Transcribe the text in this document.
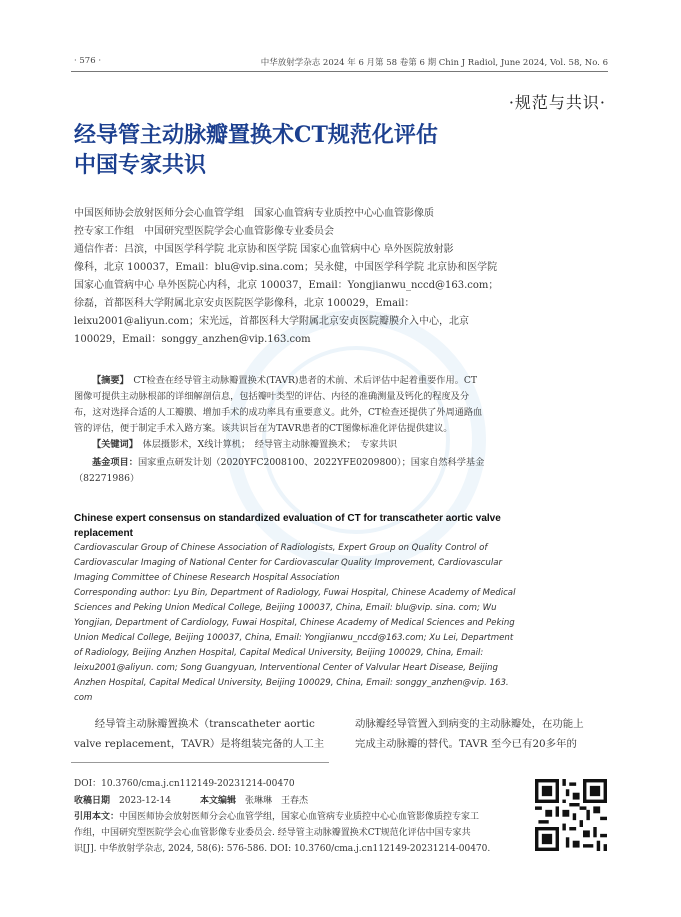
· 576 ·	中华放射学杂志 2024 年 6 月第 58 卷第 6 期 Chin J Radiol, June 2024, Vol. 58, No. 6
·规范与共识·
经导管主动脉瓣置换术CT规范化评估
中国专家共识
中国医师协会放射医师分会心血管学组　国家心血管病专业质控中心心血管影像质
控专家工作组　中国研究型医院学会心血管影像专业委员会
通信作者：吕滨，中国医学科学院 北京协和医学院 国家心血管病中心 阜外医院放射影
像科，北京 100037，Email：blu@vip.sina.com；吴永健，中国医学科学院 北京协和医学院
国家心血管病中心 阜外医院心内科，北京 100037，Email：Yongjianwu_nccd@163.com；
徐磊，首都医科大学附属北京安贞医院医学影像科，北京 100029，Email：
leixu2001@aliyun.com；宋光远，首都医科大学附属北京安贞医院瓣膜介入中心，北京
100029，Email：songgy_anzhen@vip.163.com
【摘要】　CT检查在经导管主动脉瓣置换术(TAVR)患者的术前、术后评估中起着重要作用。CT
图像可提供主动脉根部的详细解剖信息，包括瓣叶类型的评估、内径的准确测量及钙化的程度及分
布，这对选择合适的人工瓣膜、增加手术的成功率具有重要意义。此外，CT检查还提供了外周通路血
管的评估，便于制定手术入路方案。该共识旨在为TAVR患者的CT图像标准化评估提供建议。
【关键词】　体层摄影术，X线计算机；　经导管主动脉瓣置换术；　专家共识
基金项目：国家重点研发计划（2020YFC2008100、2022YFE0209800）；国家自然科学基金
（82271986）
Chinese expert consensus on standardized evaluation of CT for transcatheter aortic valve
replacement
Cardiovascular Group of Chinese Association of Radiologists, Expert Group on Quality Control of
Cardiovascular Imaging of National Center for Cardiovascular Quality Improvement, Cardiovascular
Imaging Committee of Chinese Research Hospital Association
Corresponding author: Lyu Bin, Department of Radiology, Fuwai Hospital, Chinese Academy of Medical
Sciences and Peking Union Medical College, Beijing 100037, China, Email: blu@vip. sina. com; Wu
Yongjian, Department of Cardiology, Fuwai Hospital, Chinese Academy of Medical Sciences and Peking
Union Medical College, Beijing 100037, China, Email: Yongjianwu_nccd@163.com; Xu Lei, Department
of Radiology, Beijing Anzhen Hospital, Capital Medical University, Beijing 100029, China, Email:
leixu2001@aliyun. com; Song Guangyuan, Interventional Center of Valvular Heart Disease, Beijing
Anzhen Hospital, Capital Medical University, Beijing 100029, China, Email: songgy_anzhen@vip. 163.
com
　　经导管主动脉瓣置换术（transcatheter aortic
valve replacement，TAVR）是将组装完备的人工主
动脉瓣经导管置入到病变的主动脉瓣处，在功能上
完成主动脉瓣的替代。TAVR 至今已有20多年的
DOI：10.3760/cma.j.cn112149-20231214-00470
收稿日期　 2023-12-14	本文编辑　 张琳琳　王春杰
引用本文：中国医师协会放射医师分会心血管学组，国家心血管病专业质控中心心血管影像质控专家工
作组，中国研究型医院学会心血管影像专业委员会. 经导管主动脉瓣置换术CT规范化评估中国专家共
识[J]. 中华放射学杂志, 2024, 58(6): 576-586. DOI: 10.3760/cma.j.cn112149-20231214-00470.
